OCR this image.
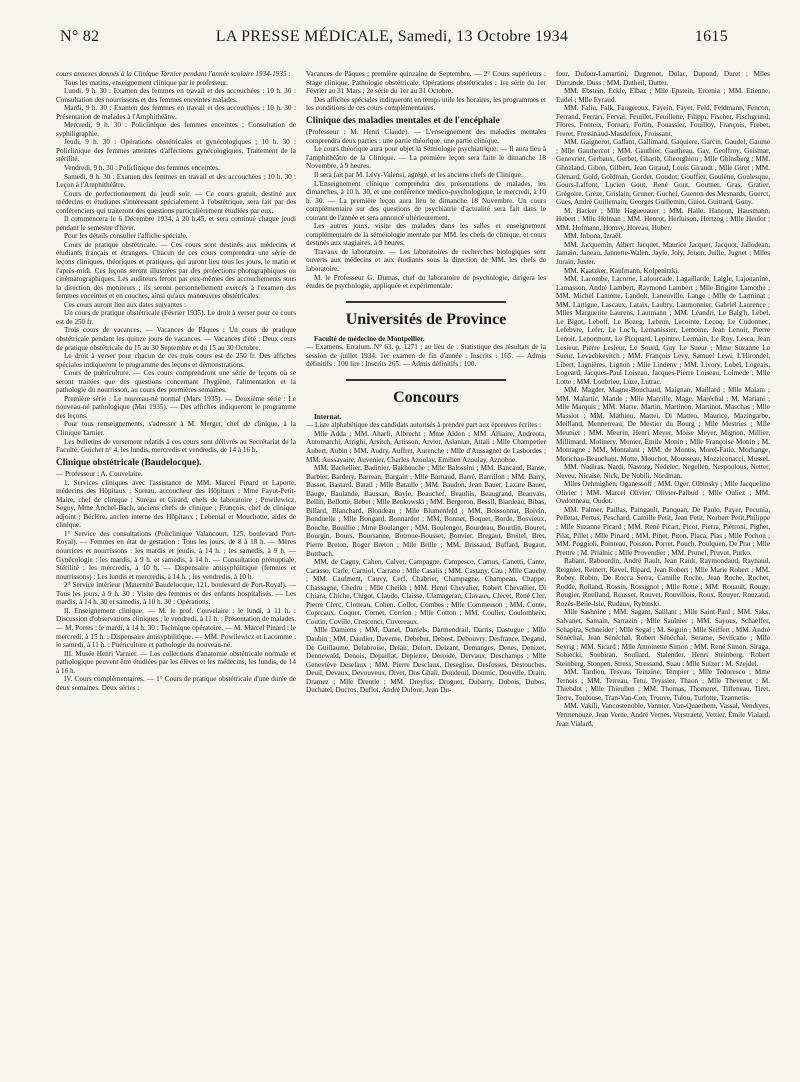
N° 82	LA PRESSE MÉDICALE, Samedi, 13 Octobre 1934	1615

cours annexes donnés à la Clinique Tarnier pendant l'année scolaire 1934-1935 :

Tous les matins, enseignement clinique par le professeur.

Lundi, 9 h. 30 : Examen des femmes en travail et des accouchées ; 10 h. 30 : Consultation des nourrissons et des femmes enceintes malades.

Mardi, 9 h. 30 : Examen des femmes en travail et des accouchées ; 10 h. 30 : Présentation de malades à l'Amphithéâtre.

Mercredi, 9 h. 30 : Policlinique des femmes enceintes ; Consultation de syphiligraphie.

Jeudi, 9 h. 30 : Opérations obstétricales et gynécologiques ; 10 h. 30 : Policlinique des femmes atteintes d'affections gynécologiques. Traitement de la stérilité.

Vendredi, 9 h. 30 : Policlinique des femmes enceintes.

Samedi, 9 h. 30 : Examen des femmes en travail et des accouchées ; 10 h. 30 : Leçon à l'Amphithéâtre.

Cours de perfectionnement du jeudi soir. — Ce cours gratuit, destiné aux médecins et étudiants s'intéressant spécialement à l'obstétrique, sera fait par des conférenciers qui traiteront des questions particulièrement étudiées par eux.

Il commencera le 6 Décembre 1934, à 20 h.45, et sera continué chaque jeudi pendant le semestre d'hiver.

Pour les détails consulter l'affiche spéciale.

Cours de pratique obstétricale. — Ces cours sont destinés aux médecins et étudiants français et étrangers. Chacun de ces cours comprendra une série de leçons cliniques, théoriques et pratiques, qui auront lieu tous les jours, le matin et l'après-midi. Ces leçons seront illustrées par des projections photographiques ou cinématographiques. Les auditeurs feront par eux-mêmes des accouchements sous la direction des moniteurs ; ils seront personnellement exercés à l'examen des femmes enceintes et en couches, ainsi qu'aux manœuvres obstétricales.

Ces cours auront lieu aux dates suivantes :

Un cours de pratique obstétricale (Février 1935). Le droit à verser pour ce cours est de 250 fr.

Trois cours de vacances. — Vacances de Pâques : Un cours de pratique obstétricale pendant les quinze jours de vacances. — Vacances d'été : Deux cours de pratique obstétricale du 15 au 30 Septembre et du 15 au 30 Octobre.

Le droit à verser pour chacun de ces trois cours est de 250 fr. Des affiches spéciales indiqueront le programme des leçons et démonstrations.

Cours de puériculture. — Ces cours comprendront une série de leçons où se seront traitées que des questions concernant l'hygiène, l'alimentation et la pathologie du nourrisson, au cours des premières semaines.

Première série : Le nouveau-né normal (Mars 1935). — Deuxième série : Le nouveau-né pathologique (Mai 1935). — Des affiches indiqueront le programme des leçons.

Pour tous renseignements, s'adresser à M. Merger, chef de clinique, à la Clinique Tarnier.

Les bulletins de versement relatifs à ces cours sont délivrés au Secrétariat de la Faculté, Guichet n° 4, les lundis, mercredis et vendredis, de 14 à 16 h.

Clinique obstétricale (Baudelocque).

— Professeur : A. Couvelaire.

1. Services cliniques avec l'assistance de MM. Marcel Pinard et Laporte, médecins des Hôpitaux ; Sureau, accoucheur des Hôpitaux ; Mme Fayot-Petit-Maire, chef de clinique ; Sureau et Girard, chefs de laboratoire ; Powilewicz, Seguy, Mme Anchel-Bach, anciens chefs de clinique ; François, chef de clinique adjoint ; Béclère, ancien interne des Hôpitaux ; Lebental et Mouchotte, aides de clinique.

1° Service des consultations (Policlinique Valancourt, 125, boulevard Port-Royal). — Femmes en état de gestation : Tous les jours, de 8 à 18 h. — Mères nourrices et nourrissons : les mardis et jeudis, à 14 h. ; les samedis, à 9 h. — Gynécologie : les mardis, à 9 h. et samedis, à 14 h. — Consultation prénuptiale, Stérilité : les mercredis, à 10 h. — Dispensaire antisyphilitique (femmes et nourrissons) : Les lundis et mercredis, à 14 h. ; les vendredis, à 10 h.

2° Service intérieur (Maternité Baudelocque, 121, boulevard de Port-Royal). — Tous les jours, à 9 h. 30 : Visite des femmes et des enfants hospitalisés. — Les mardis, à 14 h. 30 et samedis, à 10 h. 30 : Opérations.

II. Enseignement clinique. — M. le prof. Couvelaire : le lundi, à 11 h. : Discussion d'observations cliniques ; le vendredi, à 11 h. : Présentation de malades. — M. Portes : le mardi, à 14 h. 30 : Technique opératoire. — M. Marcel Pinard : le mercredi, à 15 h. : Dispensaire antisyphilitique. — MM. Powilewicz et Lacomme : le samedi, à 11 h. : Puériculture et pathologie du nouveau-né.

III. Musée Henri Varnier. — Les collections d'anatomie obstétricale normale et pathologique peuvent être étudiées par les élèves et les médecins, les lundis, de 14 à 16 h.

IV. Cours complémentaires. — 1° Cours de pratique obstétricale d'une durée de deux semaines. Deux séries :

Vacances de Pâques ; première quinzaine de Septembre. — 2° Cours supérieurs : Stage clinique. Pathologie obstétricale. Opérations obstétricales : 1re série du 1er Février au 31 Mars ; 2e série du 1er au 31 Octobre.

Des affiches spéciales indiqueront en temps utile les horaires, les programmes et les conditions de ces cours complémentaires.

Clinique des maladies mentales et de l'encéphale

(Professeur : M. Henri Claude). — L'enseignement des maladies mentales comprendra deux parties : une partie théorique, une partie clinique.

Le cours théorique aura pour objet la Sémiologie psychiatrique. — Il aura lieu à l'amphithéâtre de la Clinique. — La première leçon sera faite le dimanche 18 Novembre, à 9 heures.

Il sera fait par M. Lévy-Valensi, agrégé, et les anciens chefs de Clinique.

L'Enseignement clinique comprendra des présentations de malades, les dimanches, à 10 h. 30, et une conférence médico-psychologique, le mercredi, à 10 h. 30. — La première leçon aura lieu le dimanche 18 Novembre. Un cours complémentaire sur des questions de psychiatrie d'actualité sera fait dans le courant de l'année et sera annoncé ultérieurement.

Les autres jours, visite des malades dans les salles et enseignement complémentaire de la séméiologie mentale par MM. les chefs de clinique, et cours destinés aux stagiaires, à 9 heures.

Travaux de laboratoire. — Les laboratoires de recherches biologiques sont ouverts aux médecins et aux étudiants sous la direction de MM. les chefs de laboratoire.

M. le Professeur G. Dumas, chef du laboratoire de psychologie, dirigera les études de psychologie, appliquée et expérimentale.

Universités de Province

Faculté de médecine de Montpellier.

— Examens. Erratum. N° 63, p. 1271 ; au lieu de : Statistique des résultats de la session de juillet 1934. 1er examen de fin d'année : Inscrits : 165. — Admis définitifs : 100 lire : Inscrits 265. — Admis définitifs : 100.

Concours

Internat.

— Liste alphabétique des candidats autorisés à prendre part aux épreuves écrites :

Mlle Adda ; MM. Aharfi, Albrecht ; Mme Aldon ; MM. Alliaire, Andreota, Antomarchi, Arrighi, Arsitch, Artisson, Arvier, Aslanian, Attali ; Mlle Champetier Aubert, Aubin ; MM. Audry, Auffret, Aurenche ; Mlle d'Aussagnel de Lasbordes ; MM. Aussavaire, Auvenier, Charles Azoulay, Emilien Azoulay, Aznoboe.

MM. Bachellier, Badinier, Bakhouche ; Mlle Balossini ; MM. Bancaud, Banse, Barbier, Bardery, Barrean, Bargain ; Mlle Barnaud, Barré, Barrillon ; MM. Barry, Bassot, Bastard, Batail ; Mlle Bataille ; MM. Baudon, Jean Bauer, Lazare Bauer, Bauge, Baulande, Baussan, Bayle, Beauchef, Beaulils, Beaugrand, Beauvais, Bellin, Bellotte, Bebet ; Mlle Benkowski ; MM. Bergeron, Bessil, Biardeau, Bibas, Billard, Blanchard, Blondeau ; Mlle Blumenfeld ; MM. Boissonnat, Boivin, Bonduelle ; Mlle Bongard, Bonnardot ; MM. Bonnet, Boquet, Borde, Bosvieux, Bouche, Bouillie ; Mme Boulanger ; MM. Boulenger, Bourdeau, Bourdin, Bouret, Bourgin, Bours, Boursanne, Botroue-Bousset, Bouvier, Bregaut, Breitel, Bret, Pierre Breton, Roger Breton ; Mlle Brille ; MM. Brissaud, Buffard, Bugaut, Buttbach.

MM. de Cagny, Cahen, Calvet, Campagne, Campesco, Camus, Canetti, Cante, Carasso, Carle, Carniol, Carrano ; Mlle Casalis ; MM. Castany, Cau ; Mlle Cauchy ; MM. Caufment, Cauvy, Cerf, Chabrier, Champagne, Champeau, Chappe, Chassagne, Chedru ; Mlle Cheikh ; MM. Henri Chevalier, Robert Chevallier, Di Chiara, Chiche, Chigot, Claudo, Claisse, Clamageran, Clavaux, Clecet, René Cler, Pierre Clerc, Clotteau, Cohen, Collot, Combes ; Mlle Commerson ; MM. Conte, Coprcaux, Coquet, Cornet, Corrion ; Mlle Cotton ; MM. Coullet, Coulombeix, Coutin, Coville, Crescenci, Cuvereaux.

Mlle Damiens ; MM. Danel, Daniels, Darmendrail, Darris, Dastugue ; Mlle Daubin ; MM. Daudier, Daverne, Debebut, Debost, Debouvry, Desfrance, Degand, De Guillaume, Delabroise, Delair, Delort, Delzant, Demanges, Denes, Denizet, Dennewald, Denois, Depaillat, Depierre, Deroide, Dervaux, Deschamps ; Mlle Geneviève Deselaux ; MM. Pierre Desclaux, Deseglise, Desfosses, Destouches, Deuil, Devaux, Devouveux, Divet, Dos Ghali, Doudeuil, Doumic, Douville, Drain, Dramez ; Mlle Dreutle ; MM. Dreyfus, Droguet, Dubarry, Dubois, Dubos, Duchatel, Ducros, Duflot, André Dufour, Jean Du-

four, Dufour-Lamartini, Dugrenot, Dulac, Dupond, Duret ; Mlles Durrande, Duss ; MM. Dutheil, Dutter.

MM. Ebstein, Eckle, Elbaz ; Mlle Epstein, Ercenia ; MM. Etienne, Eudel ; Mlle Eyraud.

MM. Falíu, Falk, Faugeroux, Fayein, Fayet, Feld, Feldmann, Fencon, Ferrand, Ferrari, Ferval, Feuillet, Feuillette, Filippi, Fischer, Fischgrund, Flores, Fonteix, Fornari, Fortin, Fouassier, Fouilloy, François, Frebet, Freret, Fressinaud-Masdefeix, Froissant.

MM. Gaignerot, Gallant, Gallimard, Gaquiere, Garcin, Gaudel, Gaume ; Mlle Gauthercot ; MM. Gauthier, Gautheau, Gay, Geoffroy, Geismar, Genevrier, Gerbaux, Gerbet, Gharib, Gheorghiou ; Mlle Ghinsberg ; MM. Ghozland, Gibon, Gilbert, Jean Giraud, Louis Giraudt ; Mlle Giret ; MM. Glenard, Gold, Goldman, Gordet, Goudot, Gouffier, Goulène, Goulesque, Gours-Laffont, Lucien Gout, René Gout, Goutner, Gras, Gratier, Grégoire, Grèze, Grislain, Gruner, Guchel, Guenon des Mesnards, Guerct, Gues, André Guillemain, Georges Guillemin, Guiot, Guittard, Guny.

M. Hacker ; Mlle Hagueuauer ; MM. Halle, Hanoun, Hausmann, Hebert ; Mlle Helman ; MM. Henrot, Herluison, Hertzog ; Mlle Heulot ; MM. Hofmann, Homsy, Horeau, Huber.

MM. Inbona, Izraël.

MM. Jacquemin, Albert Jacquet, Maurice Jacquet, Jacquot, Jallodean, Jamain, Janeau, Jannette-Walen, Jayle, Joly, Jouon, Juille, Jugnet ; Mlles Jurain, Juster.

MM. Kaatzker, Kaufmann, Kolpenitzki.

MM. Lacombe, Lacorne, Lafourcade, Lagaillarde, Laigle, Lajouanine, Lamasson, André Lambert, Raymond Lambert ; Mlle Brigitte Lamothe ; MM. Michel Lamotte, Landolt, Laneuville, Lange ; Mlle de Larminat ; MM. Lartigue, Lascaux, Lataix, Laubry, Laumonnier, Gabriel Laurence ; Mlles Marguerite Laurens, Lautmann ; MM. Léandri, Le Balg'h, Lebel, Le Bigot, Leboff, Le Bozeg, Lebrun, Lecointe, Lecoq, Le Cudonnec, Lefebvre, Lefer, Le Loc'h, Lemanissier, Lemoine, Jean Lenoir, Pierre Lenoir, Lenormont, Le Picquard, Lepintre, Lermain, Le Roy, Lesca, Jean Lesieur, Pierre Lesieur, Le Sourd, Guy Le Sueur ; Mme Suzanne Le Sueur, Levachkevitch ; MM. François Levy, Samuel Lewi, L'Hirondel, Libert, Lignières, Lignon ; Mlle Lindenv ; MM. Livory, Lobel, Logeais, Logeard, Jacques-Paul Loiseau, Jacques-Pierre Loiseau, Lolmede ; Mlle Lotte ; MM. Loubrieu, Luze, Lutrac.

MM. Magder, Magne-Bouchaud, Maignan, Maillard ; Mlle Malam ; MM. Malartic, Mande ; Mlle Marcille, Mage, Maréchal ; M. Mariani ; Mlle Marquis ; MM. Marre, Martin, Martinon, Martinot, Maschas ; Mlle Massiot ; MM. Mathieu, Mattei, Di Matteo, Maurice, Mazingarbe, Meilland, Mennetreau, De Mestier du Bourg ; Mlle Mestries ; Mlle Meunier ; MM. Meurin, Henri Meyer, Moise Meyer, Mignon, Millier, Millimard, Molinery, Monier, Émile Monin ; Mlle Françoise Monin ; M. Montagne ; MM. Montalant ; MM. de Montis, Morel-Fatio, Morhange, Morichau-Beauchant, Motte, Mouchot, Mousseau, Mozziconacci, Mussel.

MM. Nadiras, Nardi, Nastorg, Nédelec, Negellen, Nespoulous, Netter, Neveu, Nicaise, Nick, De Nobili, Nordman.

Mlles Oehmighen, Oganessoff ; MM. Oger, Olbinsky ; Mlle Jacqueline Olivier ; MM. Marcel Olivier, Olivier-Palbud ; Mlle Ouliez ; MM. Ovdonneau, Oudot.

MM. Palmer, Paillas, Paingault, Panquan, De Paulo, Payer, Pecunia, Pelletat, Pertus, Peschard, Camille Petit, Jean Petit, Norbert Petit,Philippe ; Mlle Suzanne Picard ; MM. René Picart, Picot, Pierra, Piétroni, Pighet, Pilat, Pillet ; Mlle Pinard ; MM. Pinet, Piton, Placa, Plas ; Mlle Pochon ; MM. Poggioli, Pointeau, Poisson, Porret, Pouch, Poulquen, De Prat ; Mlle Prettre ; M. Prialnic ; Mlle Provendier ; MM. Prunel, Pruvot, Purko.

Rabant, Rabourdin, André Rault, Jean Rault, Raymondaud, Raynaud, Reignier, Reinert, Revel, Ripard, Jean Robert ; Mlle Marie Robert ; MM. Robey, Robin, De Rocca Serra, Camille Roche, Jean Roche, Rochet, Rodde, Rolland, Rossin, Rossignol ; Mlle Rotte ; MM. Rouault, Rouge, Rougier, Roulland, Rousset, Rouvet, Rouvillois, Roux, Rouyer, Rouzaud, Rozès-Belle-Isle, Rudaux, Rybinski.

Mlle Sashnine ; MM. Sagant, Saillant ; Mlle Saint-Paul ; MM. Saks, Salvanet, Samain, Sarrazin ; Mlle Saulnier ; MM. Sayous, Schaeffer, Schapira, Schneider ; Mlle Segal ; M. Seguin ; Mlle Seiffert ; MM. André Sénéchal, Jean Sénéchal, Robert Sénéchal, Serame, Sevilcano ; Mlle Seyrig ; MM. Sicard ; Mlle Antoinette Simon ; MM. René Simon, Siraga, Sobiecki, Soubiran, Soullard, Stalender, Henri Steinberg, Robert Steinberg, Stoopen, Stress, Stressand, Suau ; Mlle Sulzer ; M. Szejdel.

MM. Tardieu, Tesvau, Teinzine, Tempier ; Mlle Tedoresco ; Mme Ternois ; MM. Terreau, Tetu, Teyssier, Thaon ; Mlle Thevenot ; M. Thiebdot ; Mlle Thieullen ; MM. Thomas, Thomeret, Tiffeneau, Tiret, Torre, Toulouse, Tran-Van-Con, Trouve, Tulou, Turlotte, Tzannetis.

MM. Vakili, Vancostenoble, Vannier, Van-Quaethem, Vassal, Vendryes, Vermenouze, Jean Verne, André Vernes, Verstraete, Vettier, Émile Vialard, Jean Vialard,
